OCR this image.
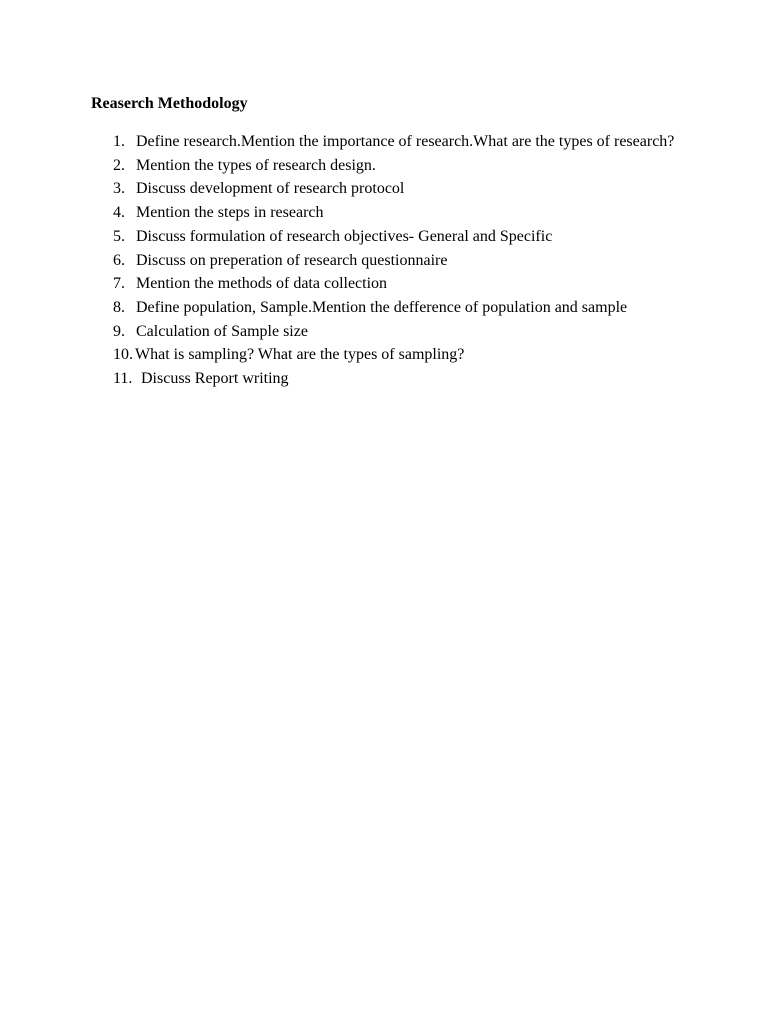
Reaserch Methodology
1. Define research.Mention the importance of research.What are the types of research?
2. Mention the types of research design.
3. Discuss development of research protocol
4. Mention the steps in research
5. Discuss formulation of research objectives- General and Specific
6. Discuss on preperation of research questionnaire
7. Mention the methods of data collection
8. Define population, Sample.Mention the defference of population and sample
9. Calculation of Sample size
10. What is sampling? What are the types of sampling?
11. Discuss Report writing
